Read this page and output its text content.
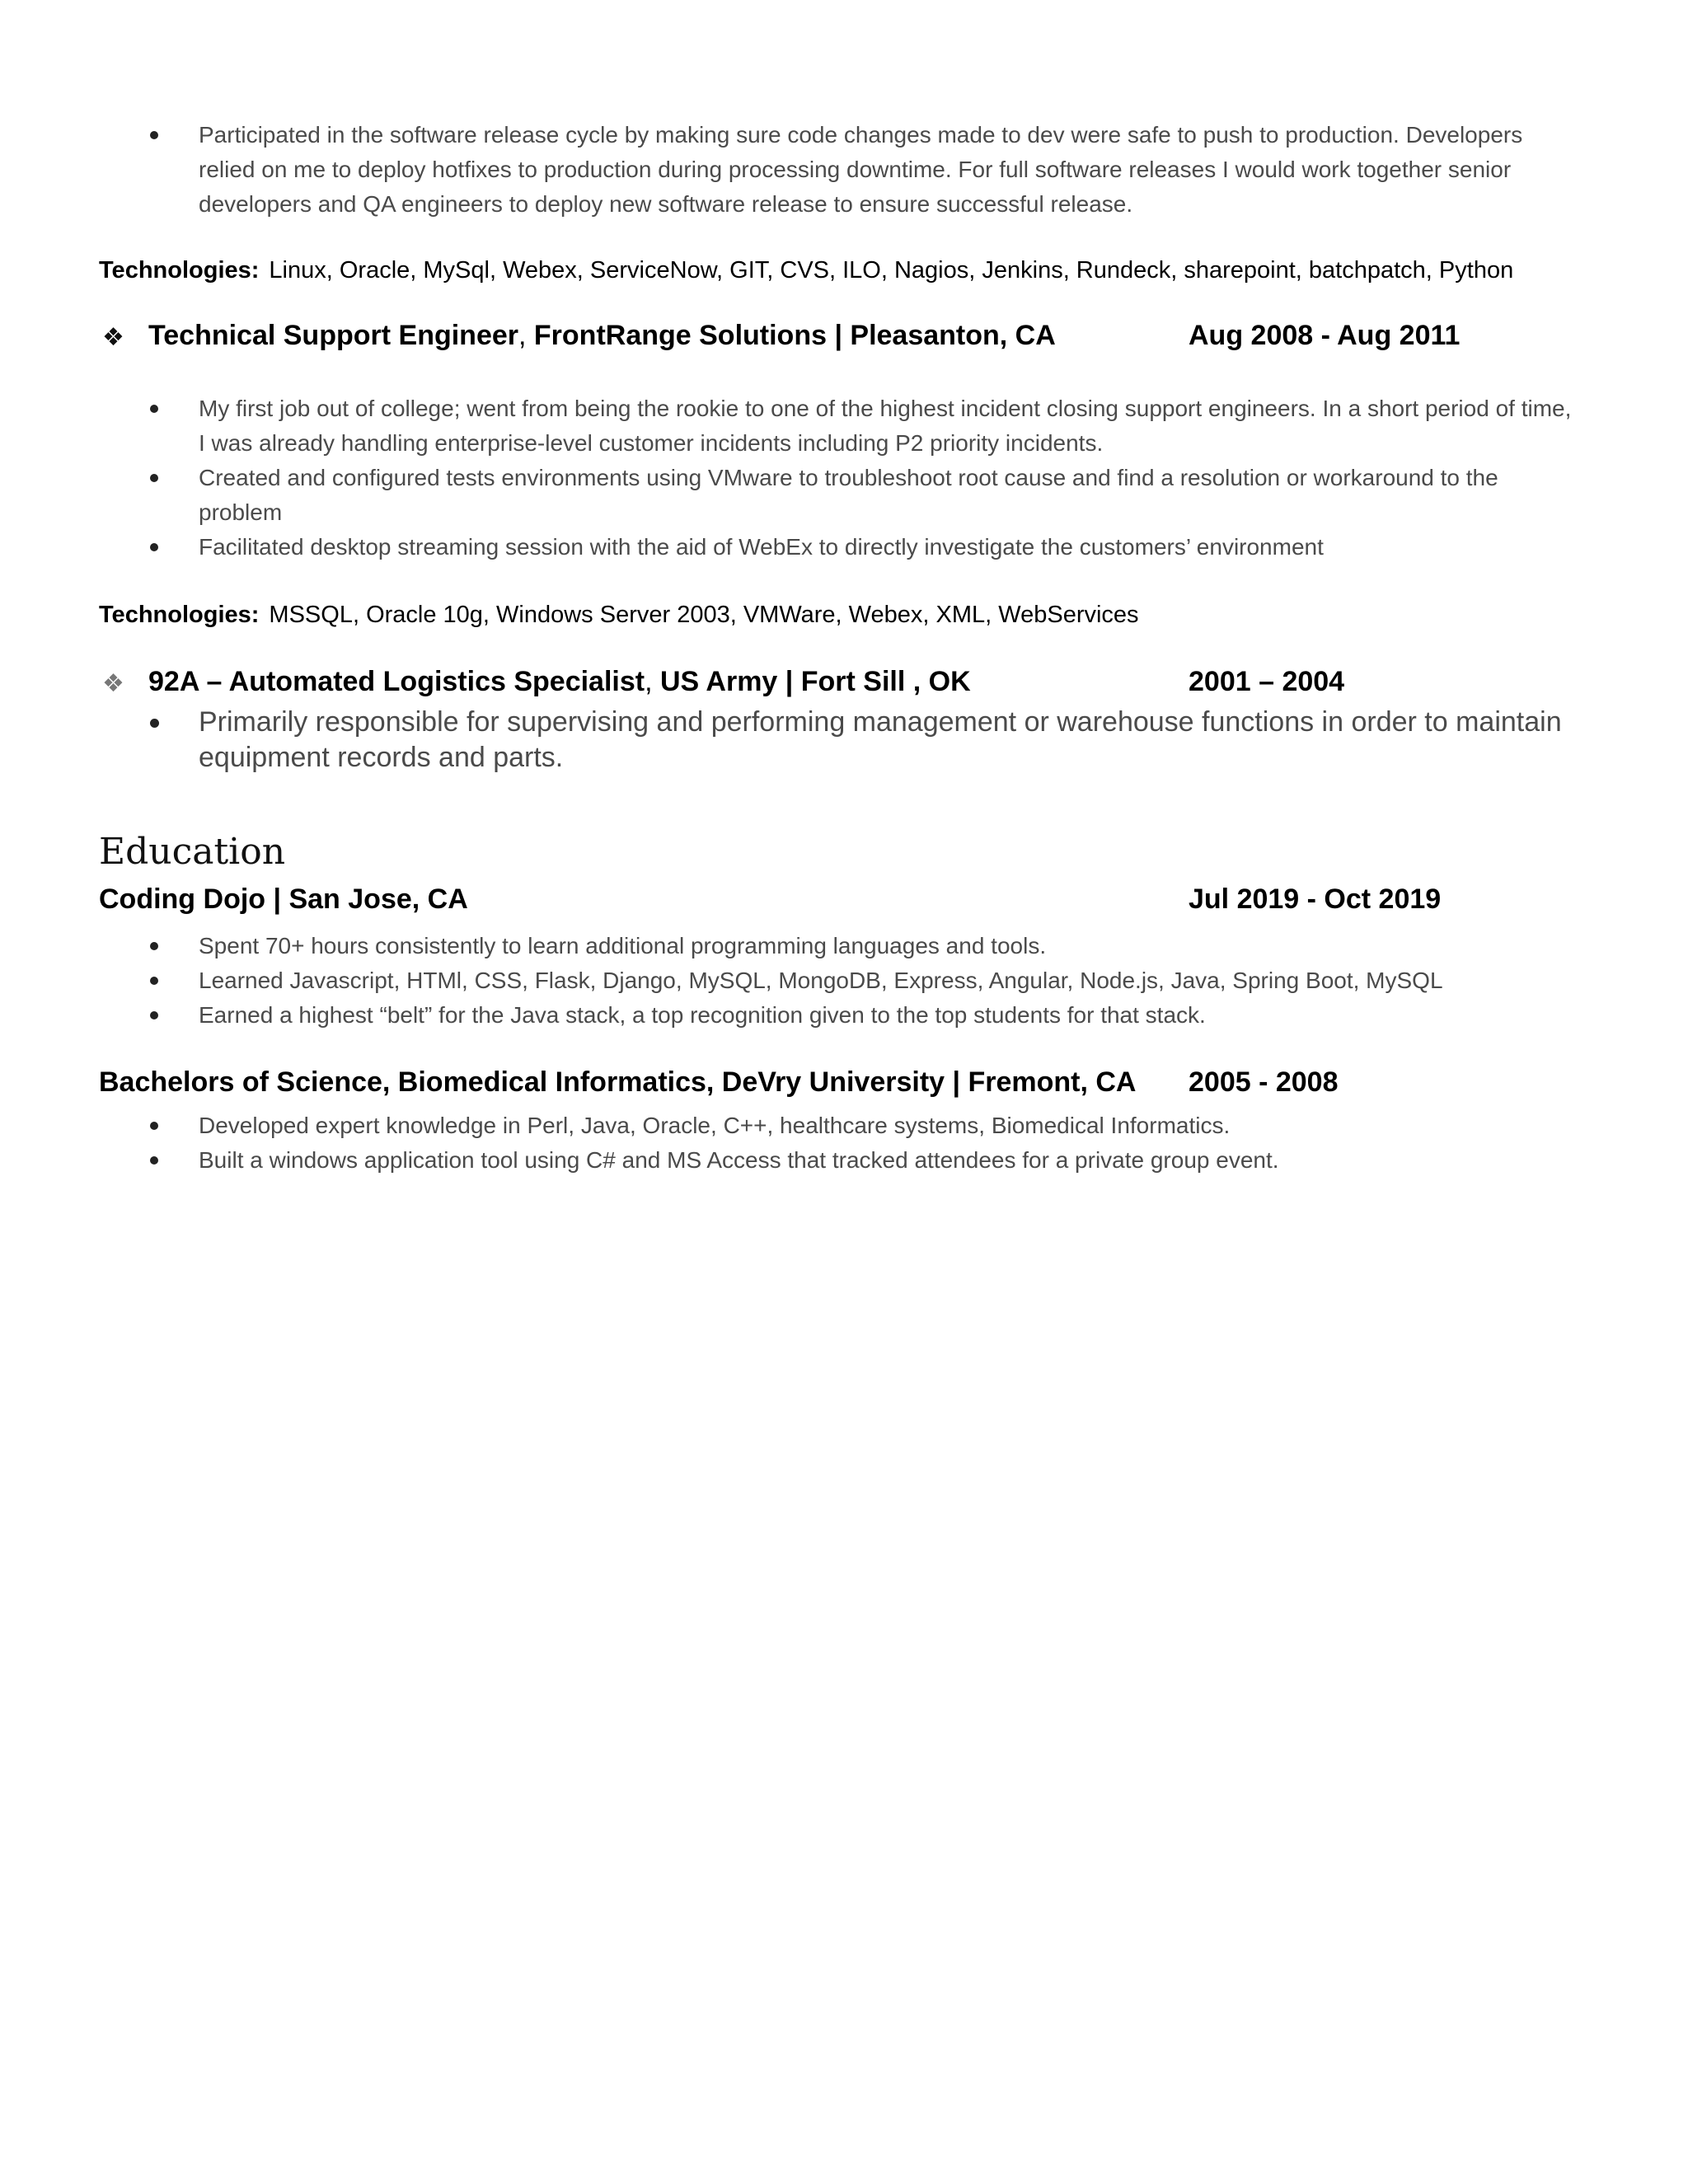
Participated in the software release cycle by making sure code changes made to dev were safe to push to production. Developers relied on me to deploy hotfixes to production during processing downtime. For full software releases I would work together senior developers and QA engineers to deploy new software release to ensure successful release.
Technologies: Linux, Oracle, MySql, Webex, ServiceNow, GIT, CVS, ILO, Nagios, Jenkins, Rundeck, sharepoint, batchpatch, Python
❖ Technical Support Engineer, FrontRange Solutions | Pleasanton, CA	Aug 2008 - Aug 2011
My first job out of college; went from being the rookie to one of the highest incident closing support engineers. In a short period of time, I was already handling enterprise-level customer incidents including P2 priority incidents.
Created and configured tests environments using VMware to troubleshoot root cause and find a resolution or workaround to the problem
Facilitated desktop streaming session with the aid of WebEx to directly investigate the customers’ environment
Technologies: MSSQL, Oracle 10g, Windows Server 2003, VMWare, Webex, XML, WebServices
❖ 92A – Automated Logistics Specialist, US Army | Fort Sill , OK	2001 – 2004
Primarily responsible for supervising and performing management or warehouse functions in order to maintain equipment records and parts.
Education
Coding Dojo | San Jose, CA	Jul 2019 - Oct 2019
Spent 70+ hours consistently to learn additional programming languages and tools.
Learned Javascript, HTMl, CSS, Flask, Django, MySQL, MongoDB, Express, Angular, Node.js, Java, Spring Boot, MySQL
Earned a highest “belt” for the Java stack, a top recognition given to the top students for that stack.
Bachelors of Science, Biomedical Informatics, DeVry University | Fremont, CA 2005 - 2008
Developed expert knowledge in Perl, Java, Oracle, C++, healthcare systems, Biomedical Informatics.
Built a windows application tool using C# and MS Access that tracked attendees for a private group event.
